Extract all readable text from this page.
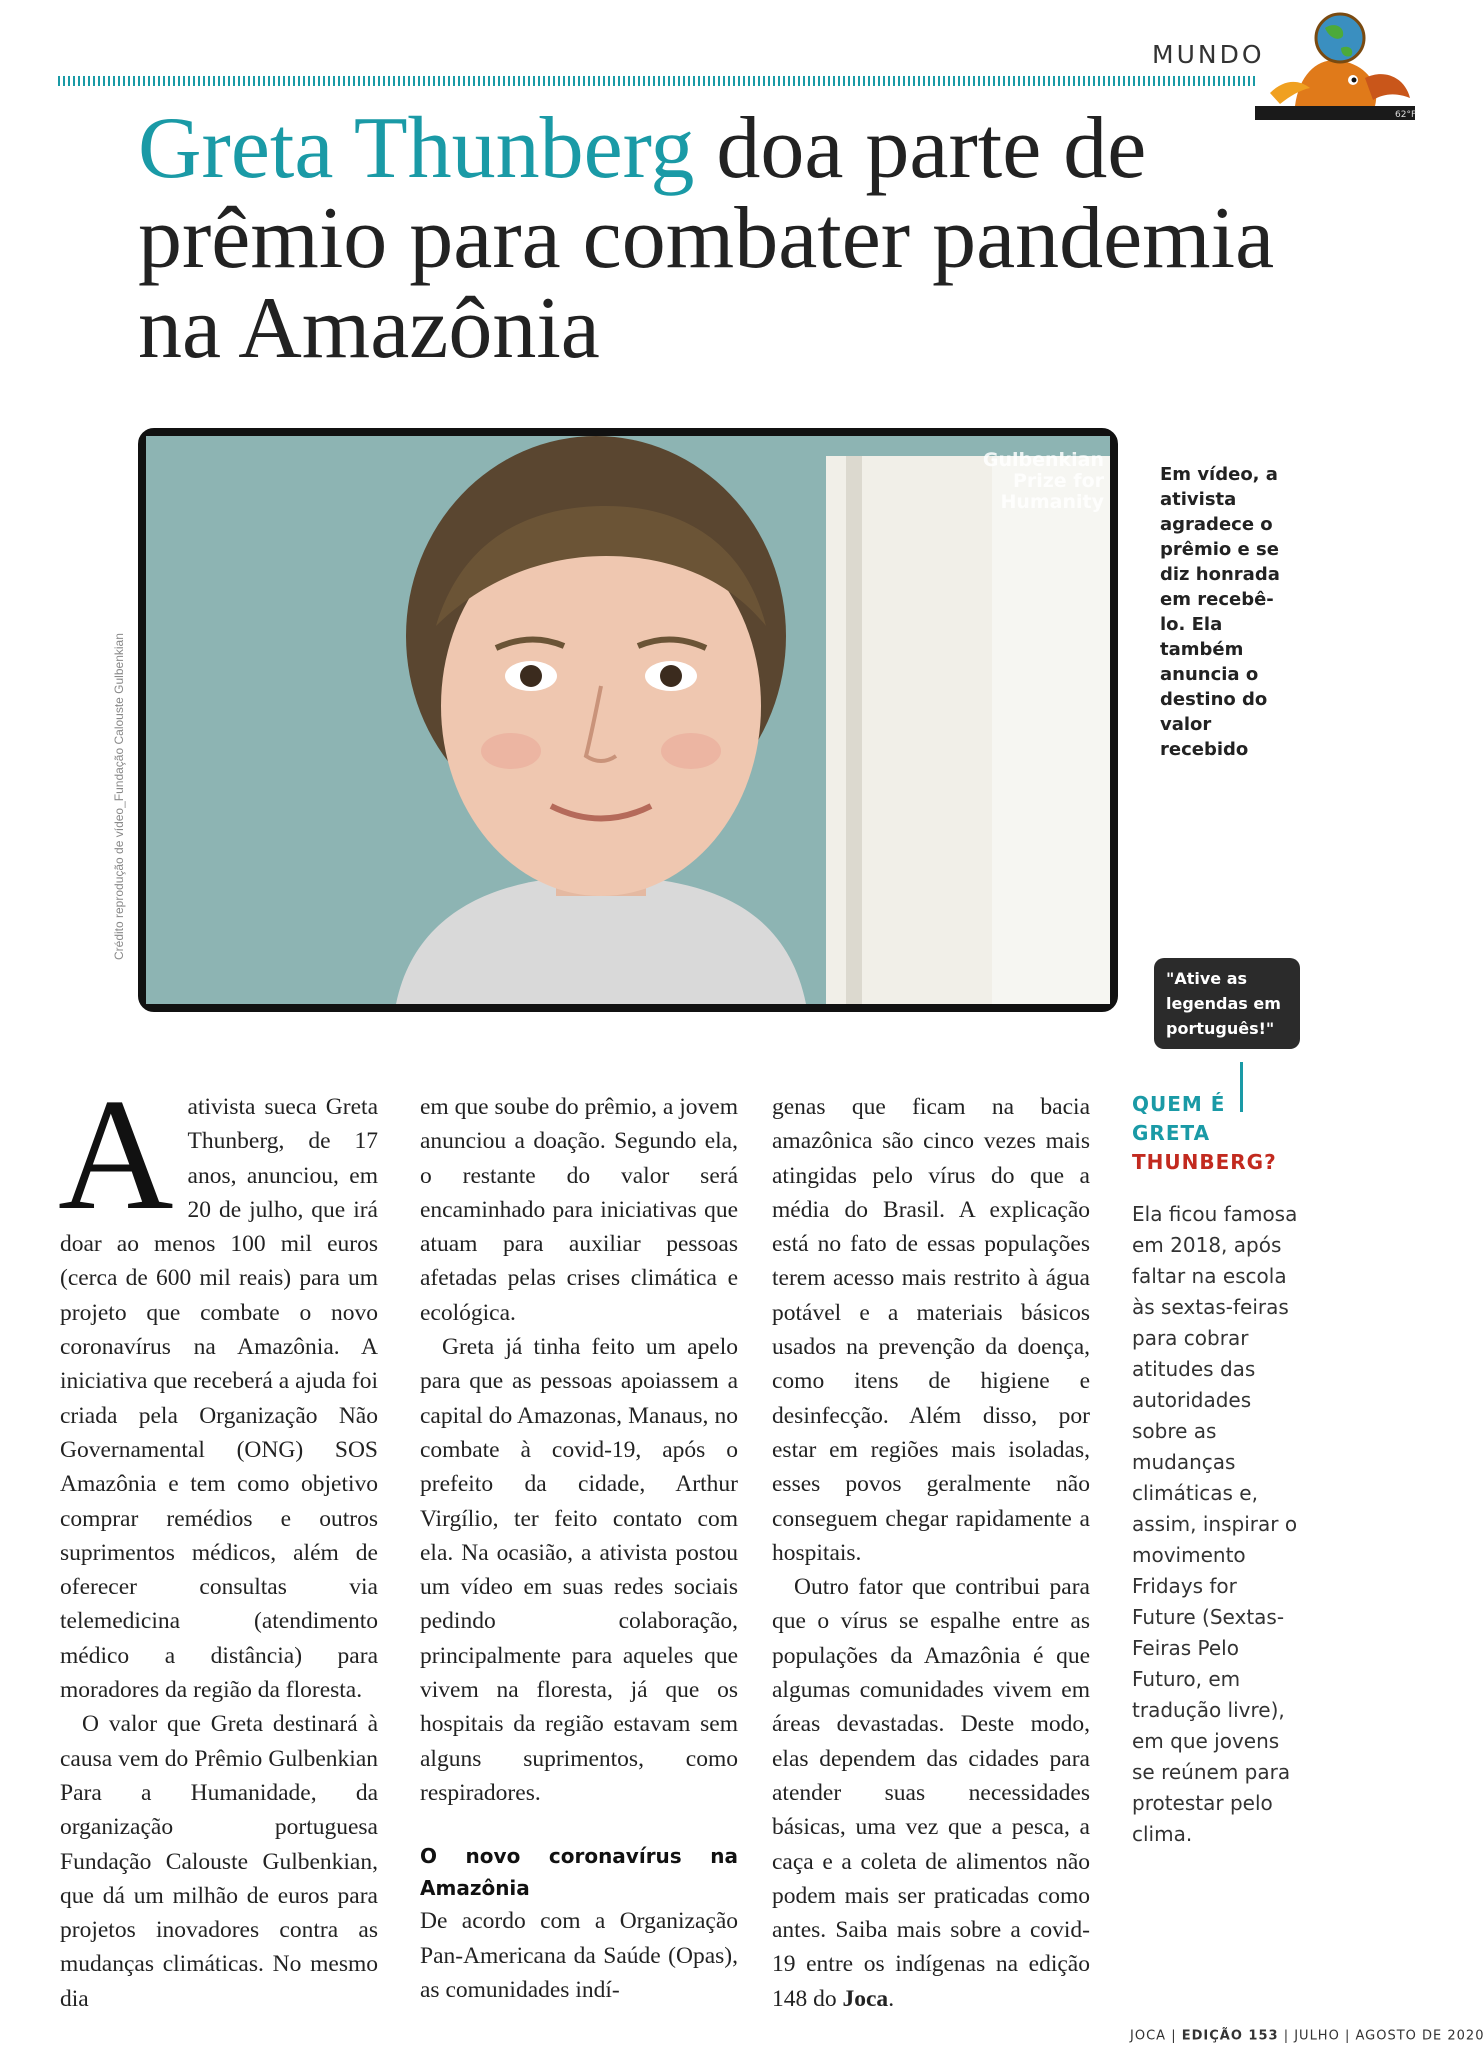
MUNDO
62°F
Greta Thunberg doa parte de prêmio para combater pandemia na Amazônia
Gulbenkian
Prize for
Humanity
Crédito reprodução de vídeo_Fundação Calouste Gulbenkian
Em vídeo, a ativista agradece o prêmio e se diz honrada em recebê-lo. Ela também anuncia o destino do valor recebido
"Ative as legendas em português!"

Aativista sueca Greta Thunberg, de 17 anos, anunciou, em 20 de julho, que irá doar ao menos 100 mil euros (cerca de 600 mil reais) para um projeto que combate o novo coronavírus na Amazônia. A iniciativa que receberá a ajuda foi criada pela Organização Não Governamental (ONG) SOS Amazônia e tem como objetivo comprar remédios e outros suprimentos médicos, além de oferecer consultas via telemedicina (atendimento médico a distância) para moradores da região da floresta.

O valor que Greta destinará à causa vem do Prêmio Gulbenkian Para a Humanidade, da organização portuguesa Fundação Calouste Gulbenkian, que dá um milhão de euros para projetos inovadores contra as mudanças climáticas. No mesmo dia

em que soube do prêmio, a jovem anunciou a doação. Segundo ela, o restante do valor será encaminhado para iniciativas que atuam para auxiliar pessoas afetadas pelas crises climática e ecológica.

Greta já tinha feito um apelo para que as pessoas apoiassem a capital do Amazonas, Manaus, no combate à covid-19, após o prefeito da cidade, Arthur Virgílio, ter feito contato com ela. Na ocasião, a ativista postou um vídeo em suas redes sociais pedindo colaboração, principalmente para aqueles que vivem na floresta, já que os hospitais da região estavam sem alguns suprimentos, como respiradores.

O novo coronavírus na Amazônia

De acordo com a Organização Pan-Americana da Saúde (Opas), as comunidades indí-

genas que ficam na bacia amazônica são cinco vezes mais atingidas pelo vírus do que a média do Brasil. A explicação está no fato de essas populações terem acesso mais restrito à água potável e a materiais básicos usados na prevenção da doença, como itens de higiene e desinfecção. Além disso, por estar em regiões mais isoladas, esses povos geralmente não conseguem chegar rapidamente a hospitais.

Outro fator que contribui para que o vírus se espalhe entre as populações da Amazônia é que algumas comunidades vivem em áreas devastadas. Deste modo, elas dependem das cidades para atender suas necessidades básicas, uma vez que a pesca, a caça e a coleta de alimentos não podem mais ser praticadas como antes. Saiba mais sobre a covid-19 entre os indígenas na edição 148 do Joca.

QUEM É
GRETA
THUNBERG?

Ela ficou famosa em 2018, após faltar na escola às sextas-feiras para cobrar atitudes das autoridades sobre as mudanças climáticas e, assim, inspirar o movimento Fridays for Future (Sextas-Feiras Pelo Futuro, em tradução livre), em que jovens se reúnem para protestar pelo clima.

JOCA | EDIÇÃO 153 | JULHO | AGOSTO DE 2020
